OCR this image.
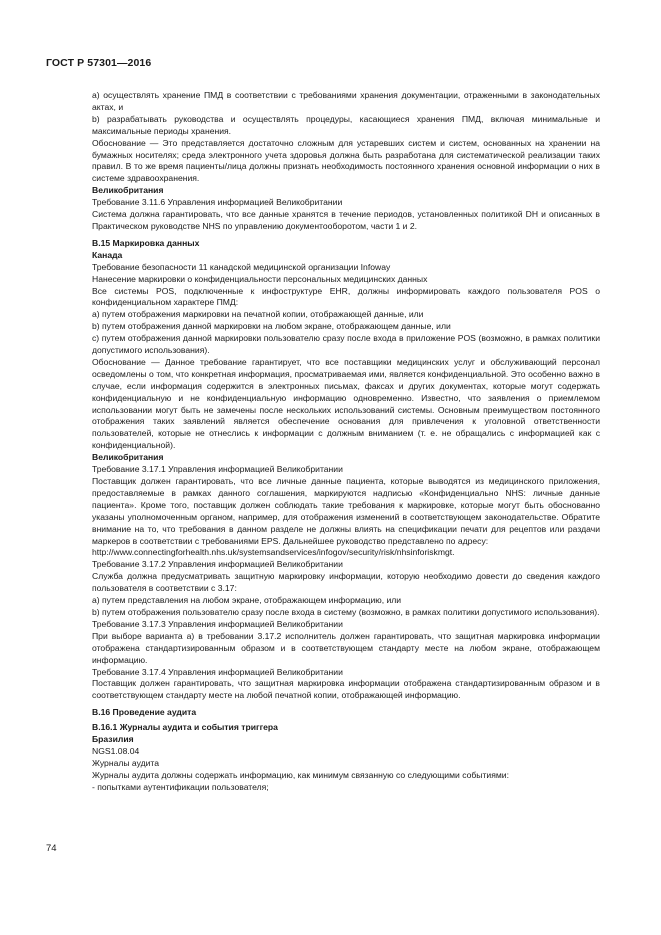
ГОСТ Р 57301—2016

a) осуществлять хранение ПМД в соответствии с требованиями хранения документации, отраженными в законодательных актах, и

b) разрабатывать руководства и осуществлять процедуры, касающиеся хранения ПМД, включая минимальные и максимальные периоды хранения.

Обоснование — Это представляется достаточно сложным для устаревших систем и систем, основанных на хранении на бумажных носителях; среда электронного учета здоровья должна быть разработана для систематической реализации таких правил. В то же время пациенты/лица должны признать необходимость постоянного хранения основной информации о них в системе здравоохранения.

Великобритания

Требование 3.11.6 Управления информацией Великобритании

Система должна гарантировать, что все данные хранятся в течение периодов, установленных политикой DH и описанных в Практическом руководстве NHS по управлению документооборотом, части 1 и 2.

B.15 Маркировка данных

Канада

Требование безопасности 11 канадской медицинской организации Infoway

Нанесение маркировки о конфиденциальности персональных медицинских данных

Все системы POS, подключенные к инфоструктуре EHR, должны информировать каждого пользователя POS о конфиденциальном характере ПМД:

a) путем отображения маркировки на печатной копии, отображающей данные, или

b) путем отображения данной маркировки на любом экране, отображающем данные, или

c) путем отображения данной маркировки пользователю сразу после входа в приложение POS (возможно, в рамках политики допустимого использования).

Обоснование — Данное требование гарантирует, что все поставщики медицинских услуг и обслуживающий персонал осведомлены о том, что конкретная информация, просматриваемая ими, является конфиденциальной. Это особенно важно в случае, если информация содержится в электронных письмах, факсах и других документах, которые могут содержать конфиденциальную и не конфиденциальную информацию одновременно. Известно, что заявления о приемлемом использовании могут быть не замечены после нескольких использований системы. Основным преимуществом постоянного отображения таких заявлений является обеспечение основания для привлечения к уголовной ответственности пользователей, которые не отнеслись к информации с должным вниманием (т. е. не обращались с информацией как с конфиденциальной).

Великобритания

Требование 3.17.1 Управления информацией Великобритании

Поставщик должен гарантировать, что все личные данные пациента, которые выводятся из медицинского приложения, предоставляемые в рамках данного соглашения, маркируются надписью «Конфиденциально NHS: личные данные пациента». Кроме того, поставщик должен соблюдать такие требования к маркировке, которые могут быть обоснованно указаны уполномоченным органом, например, для отображения изменений в соответствующем законодательстве. Обратите внимание на то, что требования в данном разделе не должны влиять на спецификации печати для рецептов или раздачи маркеров в соответствии с требованиями EPS. Дальнейшее руководство представлено по адресу:

http://www.connectingforhealth.nhs.uk/systemsandservices/infogov/security/risk/nhsinforiskmgt.

Требование 3.17.2 Управления информацией Великобритании

Служба должна предусматривать защитную маркировку информации, которую необходимо довести до сведения каждого пользователя в соответствии с 3.17:

a) путем представления на любом экране, отображающем информацию, или

b) путем отображения пользователю сразу после входа в систему (возможно, в рамках политики допустимого использования).

Требование 3.17.3 Управления информацией Великобритании

При выборе варианта a) в требовании 3.17.2 исполнитель должен гарантировать, что защитная маркировка информации отображена стандартизированным образом и в соответствующем стандарту месте на любом экране, отображающем информацию.

Требование 3.17.4 Управления информацией Великобритании

Поставщик должен гарантировать, что защитная маркировка информации отображена стандартизированным образом и в соответствующем стандарту месте на любой печатной копии, отображающей информацию.

B.16 Проведение аудита

B.16.1 Журналы аудита и события триггера

Бразилия

NGS1.08.04

Журналы аудита

Журналы аудита должны содержать информацию, как минимум связанную со следующими событиями:

- попытками аутентификации пользователя;

74
